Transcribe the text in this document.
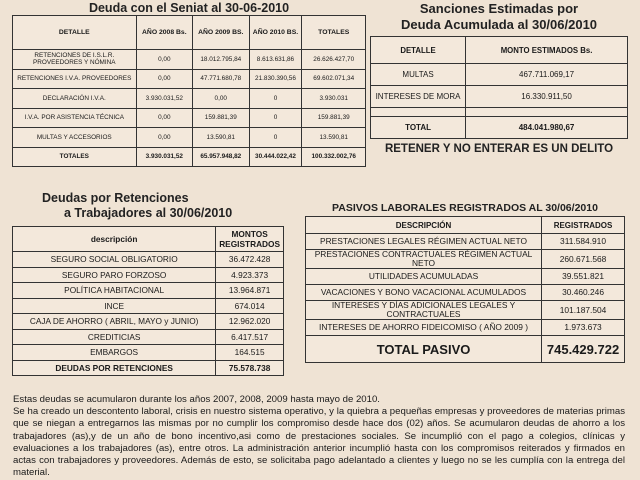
Deuda con el Seniat al 30-06-2010
DETALLE	AÑO 2008 Bs.	AÑO 2009 BS.	AÑO 2010 BS.	TOTALES
RETENCIONES DE I.S.L.R. PROVEEDORES Y NÓMINA	0,00	18.012.795,84	8.613.631,86	26.626.427,70
RETENCIONES I.V.A. PROVEEDORES	0,00	47.771.680,78	21.830.390,56	69.602.071,34
DECLARACIÓN I.V.A.	3.930.031,52	0,00	0	3.930.031
I.V.A. POR ASISTENCIA TÉCNICA	0,00	159.881,39	0	159.881,39
MULTAS Y ACCESORIOS	0,00	13.590,81	0	13.590,81
TOTALES	3.930.031,52	65.957.948,82	30.444.022,42	100.332.002,76
Sanciones Estimadas por
Deuda Acumulada al 30/06/2010
DETALLE	MONTO ESTIMADOS Bs.
MULTAS	467.711.069,17
INTERESES DE MORA	16.330.911,50

TOTAL	484.041.980,67
RETENER Y NO ENTERAR ES UN DELITO
Deudas por Retenciones
a Trabajadores al 30/06/2010
descripción	MONTOS REGISTRADOS
SEGURO SOCIAL OBLIGATORIO	36.472.428
SEGURO PARO FORZOSO	4.923.373
POLÍTICA HABITACIONAL	13.964.871
INCE	674.014
CAJA DE AHORRO ( ABRIL, MAYO y JUNIO)	12.962.020
CREDITICIAS	6.417.517
EMBARGOS	164.515
DEUDAS POR RETENCIONES	75.578.738
PASIVOS LABORALES REGISTRADOS AL 30/06/2010
DESCRIPCIÓN	REGISTRADOS
PRESTACIONES LEGALES RÉGIMEN ACTUAL NETO	311.584.910
PRESTACIONES CONTRACTUALES RÉGIMEN ACTUAL NETO	260.671.568
UTILIDADES ACUMULADAS	39.551.821
VACACIONES Y BONO VACACIONAL ACUMULADOS	30.460.246
INTERESES Y DÍAS ADICIONALES LEGALES Y CONTRACTUALES	101.187.504
INTERESES DE AHORRO FIDEICOMISO ( AÑO 2009 )	1.973.673
TOTAL PASIVO	745.429.722

Estas deudas se acumularon durante los años 2007, 2008, 2009 hasta mayo de 2010.

Se ha creado un descontento laboral, crisis en nuestro sistema operativo, y la quiebra a pequeñas empresas y proveedores de materias primas que se niegan a entregarnos las mismas por no cumplir los compromiso desde hace dos (02) años. Se acumularon deudas de ahorro a los trabajadores (as),y de un año de bono incentivo,asi como de prestaciones sociales. Se incumplió con el pago a colegios, clínicas y evaluaciones a los trabajadores (as), entre otros. La administración anterior incumplió hasta con los compromisos reiterados y firmados en actas con trabajadores y proveedores. Además de esto, se solicitaba pago adelantado a clientes y luego no se les cumplía con la entrega del material.
